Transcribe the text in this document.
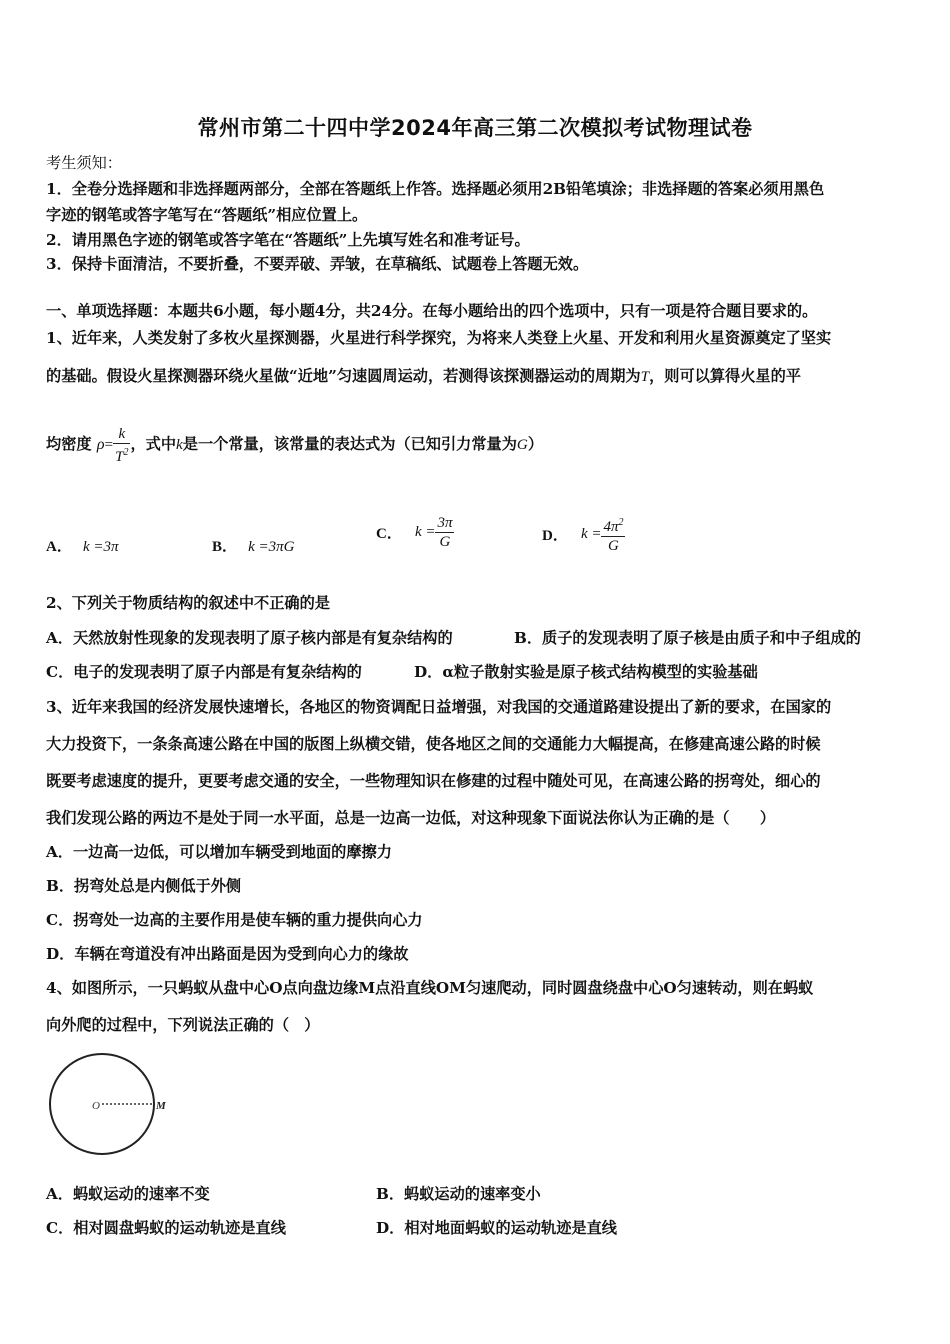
常州市第二十四中学2024年高三第二次模拟考试物理试卷
考生须知：
1．全卷分选择题和非选择题两部分，全部在答题纸上作答。选择题必须用2B铅笔填涂；非选择题的答案必须用黑色
字迹的钢笔或答字笔写在“答题纸”相应位置上。
2．请用黑色字迹的钢笔或答字笔在“答题纸”上先填写姓名和准考证号。
3．保持卡面清洁，不要折叠，不要弄破、弄皱，在草稿纸、试题卷上答题无效。
一、单项选择题：本题共6小题，每小题4分，共24分。在每小题给出的四个选项中，只有一项是符合题目要求的。
1、近年来，人类发射了多枚火星探测器，火星进行科学探究，为将来人类登上火星、开发和利用火星资源奠定了坚实
的基础。假设火星探测器环绕火星做“近地”匀速圆周运动，若测得该探测器运动的周期为T，则可以算得火星的平
均密度 $\rho= \frac{k}{T^2}$ ，式中k是一个常量，该常量的表达式为（已知引力常量为G）
A． k =3π	B． k =3πG
C． $k = \frac{3\pi}{G}$	D． $k = \frac{4\pi^2}{G}$
2、下列关于物质结构的叙述中不正确的是
A．天然放射性现象的发现表明了原子核内部是有复杂结构的	B．质子的发现表明了原子核是由质子和中子组成的
C．电子的发现表明了原子内部是有复杂结构的	D．α粒子散射实验是原子核式结构模型的实验基础
3、近年来我国的经济发展快速增长，各地区的物资调配日益增强，对我国的交通道路建设提出了新的要求，在国家的
大力投资下，一条条高速公路在中国的版图上纵横交错，使各地区之间的交通能力大幅提高，在修建高速公路的时候
既要考虑速度的提升，更要考虑交通的安全，一些物理知识在修建的过程中随处可见，在高速公路的拐弯处，细心的
我们发现公路的两边不是处于同一水平面，总是一边高一边低，对这种现象下面说法你认为正确的是（　　）
A．一边高一边低，可以增加车辆受到地面的摩擦力
B．拐弯处总是内侧低于外侧
C．拐弯处一边高的主要作用是使车辆的重力提供向心力
D．车辆在弯道没有冲出路面是因为受到向心力的缘故
4、如图所示，一只蚂蚁从盘中心O点向盘边缘M点沿直线OM匀速爬动，同时圆盘绕盘中心O匀速转动，则在蚂蚁
向外爬的过程中，下列说法正确的（　）
O	M
A．蚂蚁运动的速率不变	B．蚂蚁运动的速率变小
C．相对圆盘蚂蚁的运动轨迹是直线	D．相对地面蚂蚁的运动轨迹是直线
